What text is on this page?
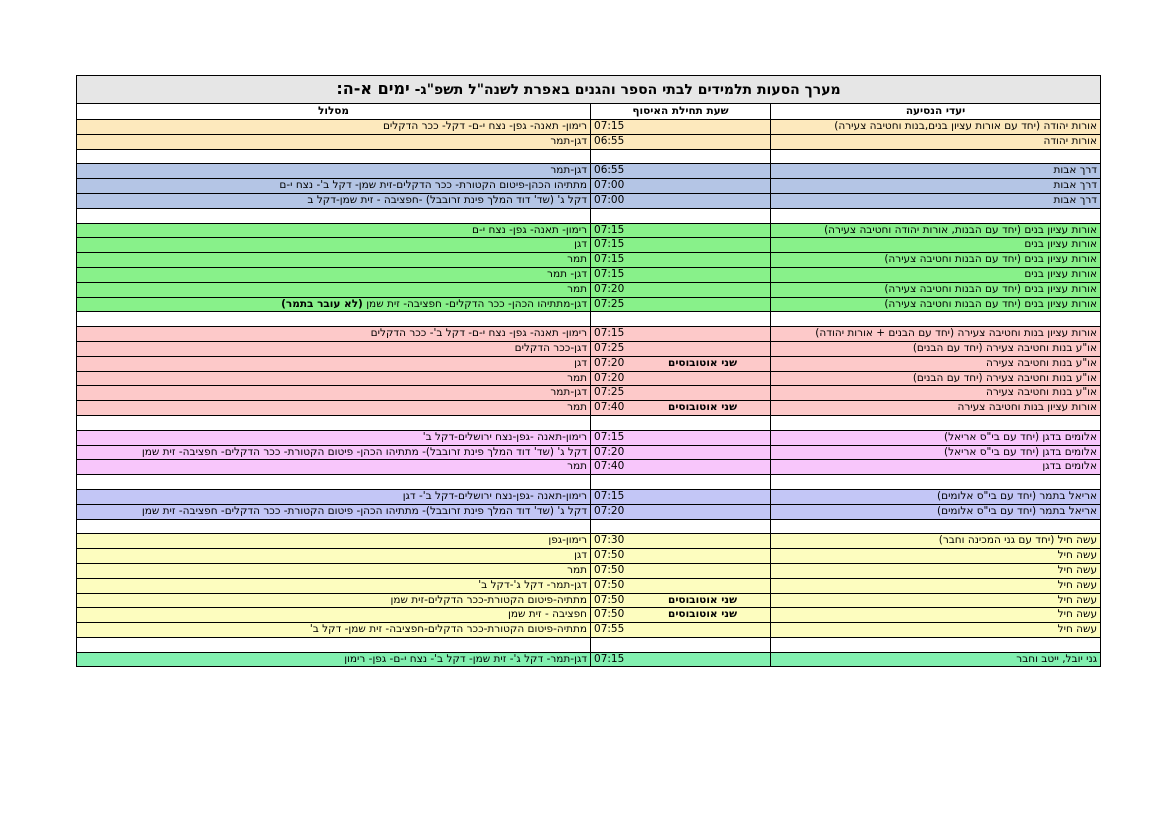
מערך הסעות תלמידים לבתי הספר והגנים באפרת לשנה"ל תשפ"ג- ימים א-ה:		
יעדי הנסיעה	שעת תחילת האיסוף	מסלול
אורות יהודה (יחד עם אורות עציון בנים,בנות וחטיבה צעירה)	07:15	רימון- תאנה- גפן- נצח י-ם- דקל- ככר הדקלים
אורות יהודה	06:55	דגן-תמר

דרך אבות	06:55	דגן-תמר
דרך אבות	07:00	מתתיהו הכהן-פיטום הקטורת- ככר הדקלים-זית שמן- דקל ב'- נצח י-ם
דרך אבות	07:00	דקל ג' (שד' דוד המלך פינת זרובבל) -חפציבה - זית שמן-דקל ב

אורות עציון בנים (יחד עם הבנות, אורות יהודה וחטיבה צעירה)	07:15	רימון- תאנה- גפן- נצח י-ם
אורות עציון בנים	07:15	דגן
אורות עציון בנים (יחד עם הבנות וחטיבה צעירה)	07:15	תמר
אורות עציון בנים	07:15	דגן- תמר
אורות עציון בנים (יחד עם הבנות וחטיבה צעירה)	07:20	תמר
אורות עציון בנים (יחד עם הבנות וחטיבה צעירה)	07:25	דגן-מתתיהו הכהן- ככר הדקלים- חפציבה- זית שמן (לא עובר בתמר)

אורות עציון בנות וחטיבה צעירה (יחד עם הבנים + אורות יהודה)	07:15	רימון- תאנה- גפן- נצח י-ם- דקל ב'- ככר הדקלים
או"ע בנות וחטיבה צעירה (יחד עם הבנים)	07:25	דגן-ככר הדקלים
או"ע בנות וחטיבה צעירה	07:20 שני אוטובוסים	דגן
או"ע בנות וחטיבה צעירה (יחד עם הבנים)	07:20	תמר
או"ע בנות וחטיבה צעירה	07:25	דגן-תמר
אורות עציון בנות וחטיבה צעירה	07:40 שני אוטובוסים	תמר

אלומים בדגן (יחד עם בי"ס אריאל)	07:15	רימון-תאנה -גפן-נצח ירושלים-דקל ב'
אלומים בדגן (יחד עם בי"ס אריאל)	07:20	דקל ג' (שד' דוד המלך פינת זרובבל)- מתתיהו הכהן- פיטום הקטורת- ככר הדקלים- חפציבה- זית שמן
אלומים בדגן	07:40	תמר

אריאל בתמר (יחד עם בי"ס אלומים)	07:15	רימון-תאנה -גפן-נצח ירושלים-דקל ב'- דגן
אריאל בתמר (יחד עם בי"ס אלומים)	07:20	דקל ג' (שד' דוד המלך פינת זרובבל)- מתתיהו הכהן- פיטום הקטורת- ככר הדקלים- חפציבה- זית שמן

עשה חיל (יחד עם גני המכינה וחבר)	07:30	רימון-גפן
עשה חיל	07:50	דגן
עשה חיל	07:50	תמר
עשה חיל	07:50	דגן-תמר- דקל ג'-דקל ב'
עשה חיל	07:50 שני אוטובוסים	מתתיה-פיטום הקטורת-ככר הדקלים-זית שמן
עשה חיל	07:50 שני אוטובוסים	חפציבה - זית שמן
עשה חיל	07:55	מתתיה-פיטום הקטורת-ככר הדקלים-חפציבה- זית שמן- דקל ב'

גני יובל, ייטב וחבר	07:15	דגן-תמר- דקל ג'- זית שמן- דקל ב'- נצח י-ם- גפן- רימון
